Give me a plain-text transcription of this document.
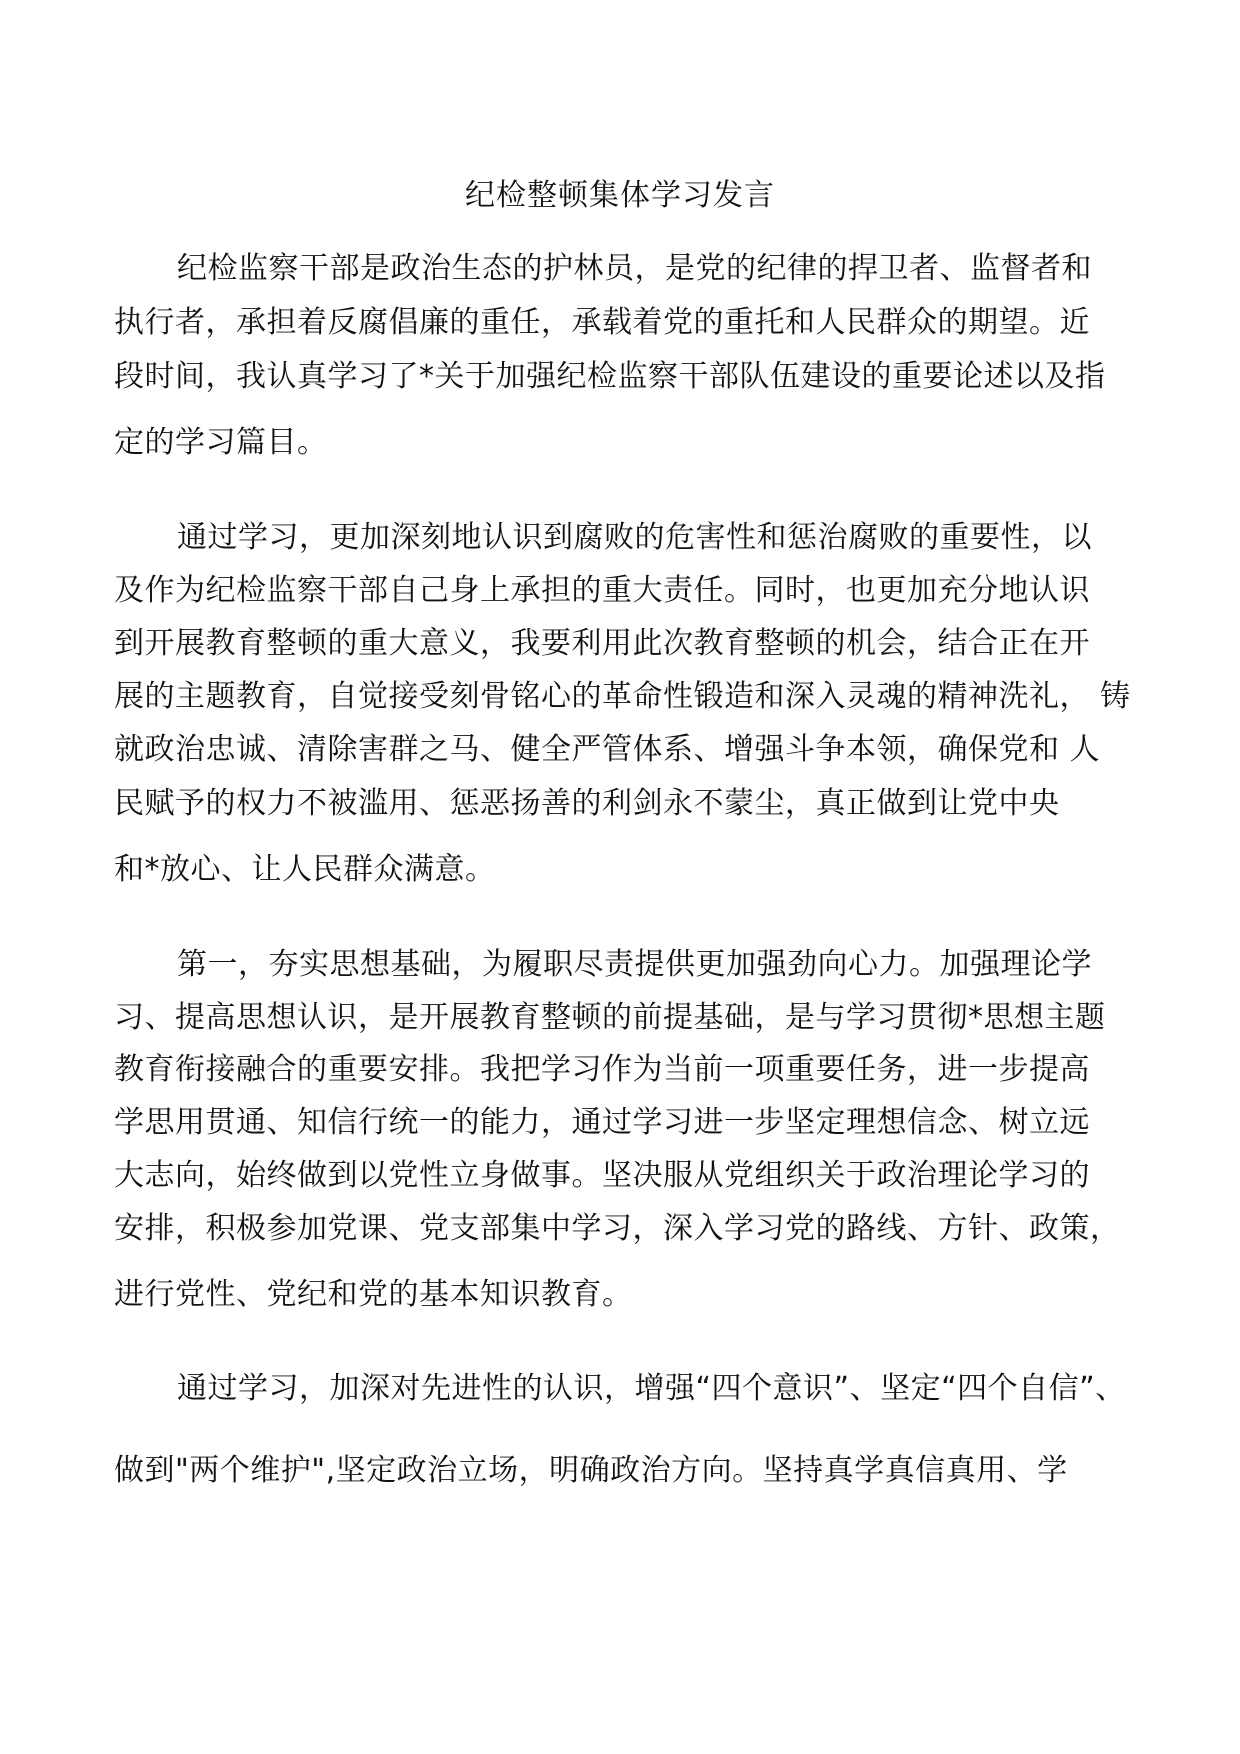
纪检整顿集体学习发言
纪检监察干部是政治生态的护林员，是党的纪律的捍卫者、监督者和
执行者，承担着反腐倡廉的重任，承载着党的重托和人民群众的期望。近
段时间，我认真学习了*关于加强纪检监察干部队伍建设的重要论述以及指
定的学习篇目。
通过学习，更加深刻地认识到腐败的危害性和惩治腐败的重要性，以
及作为纪检监察干部自己身上承担的重大责任。同时，也更加充分地认识
到开展教育整顿的重大意义，我要利用此次教育整顿的机会，结合正在开
展的主题教育，自觉接受刻骨铭心的革命性锻造和深入灵魂的精神洗礼， 铸
就政治忠诚、清除害群之马、健全严管体系、增强斗争本领，确保党和 人
民赋予的权力不被滥用、惩恶扬善的利剑永不蒙尘，真正做到让党中央
和*放心、让人民群众满意。
第一，夯实思想基础，为履职尽责提供更加强劲向心力。加强理论学
习、提高思想认识，是开展教育整顿的前提基础，是与学习贯彻*思想主题
教育衔接融合的重要安排。我把学习作为当前一项重要任务，进一步提高
学思用贯通、知信行统一的能力，通过学习进一步坚定理想信念、树立远
大志向，始终做到以党性立身做事。坚决服从党组织关于政治理论学习的
安排，积极参加党课、党支部集中学习，深入学习党的路线、方针、政策，
进行党性、党纪和党的基本知识教育。
通过学习，加深对先进性的认识，增强“四个意识”、坚定“四个自信”、
做到"两个维护",坚定政治立场，明确政治方向。坚持真学真信真用、学
